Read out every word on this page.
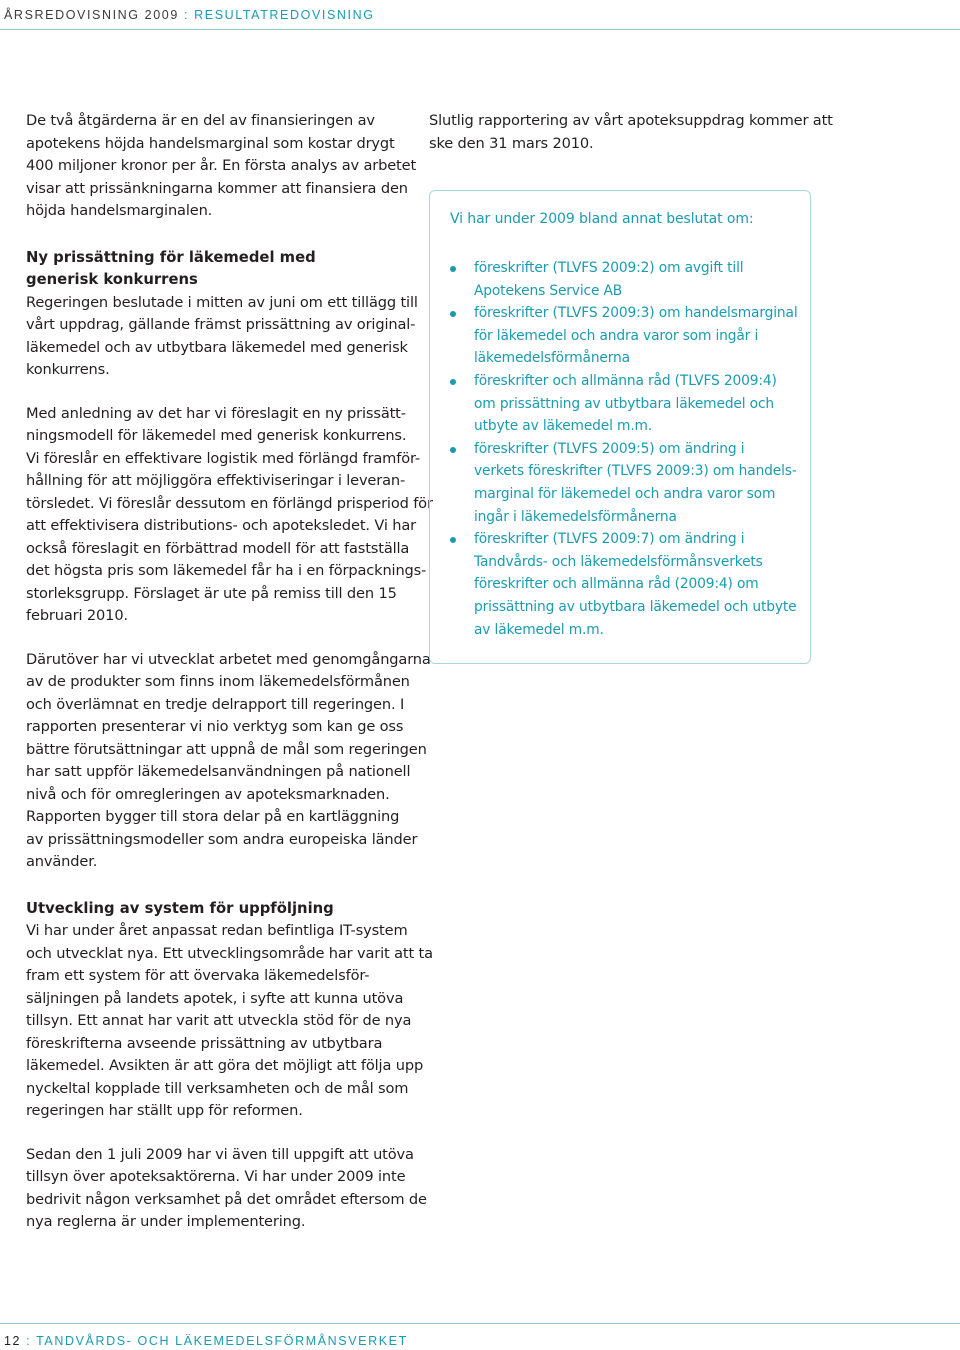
ÅRSREDOVISNING 2009 : RESULTATREDOVISNING

De två åtgärderna är en del av finansieringen av
apotekens höjda handelsmarginal som kostar drygt
400 miljoner kronor per år. En första analys av arbetet
visar att prissänkningarna kommer att finansiera den
höjda handelsmarginalen.

Ny prissättning för läkemedel med
generisk konkurrens

Regeringen beslutade i mitten av juni om ett tillägg till
vårt uppdrag, gällande främst prissättning av original-
läkemedel och av utbytbara läkemedel med generisk
konkurrens.

Med anledning av det har vi föreslagit en ny prissätt-
ningsmodell för läkemedel med generisk konkurrens.
Vi föreslår en effektivare logistik med förlängd framför-
hållning för att möjliggöra effektiviseringar i leveran-
törsledet. Vi föreslår dessutom en förlängd prisperiod för
att effektivisera distributions- och apoteksledet. Vi har
också föreslagit en förbättrad modell för att fastställa
det högsta pris som läkemedel får ha i en förpacknings-
storleksgrupp. Förslaget är ute på remiss till den 15
februari 2010.

Därutöver har vi utvecklat arbetet med genomgångarna
av de produkter som finns inom läkemedelsförmånen
och överlämnat en tredje delrapport till regeringen. I
rapporten presenterar vi nio verktyg som kan ge oss
bättre förutsättningar att uppnå de mål som regeringen
har satt uppför läkemedelsanvändningen på nationell
nivå och för omregleringen av apoteksmarknaden.
Rapporten bygger till stora delar på en kartläggning
av prissättningsmodeller som andra europeiska länder
använder.

Utveckling av system för uppföljning

Vi har under året anpassat redan befintliga IT-system
och utvecklat nya. Ett utvecklingsområde har varit att ta
fram ett system för att övervaka läkemedelsför-
säljningen på landets apotek, i syfte att kunna utöva
tillsyn. Ett annat har varit att utveckla stöd för de nya
föreskrifterna avseende prissättning av utbytbara
läkemedel. Avsikten är att göra det möjligt att följa upp
nyckeltal kopplade till verksamheten och de mål som
regeringen har ställt upp för reformen.

Sedan den 1 juli 2009 har vi även till uppgift att utöva
tillsyn över apoteksaktörerna. Vi har under 2009 inte
bedrivit någon verksamhet på det området eftersom de
nya reglerna är under implementering.

Slutlig rapportering av vårt apoteksuppdrag kommer att
ske den 31 mars 2010.

Vi har under 2009 bland annat beslutat om:
föreskrifter (TLVFS 2009:2) om avgift till
Apotekens Service AB
föreskrifter (TLVFS 2009:3) om handelsmarginal
för läkemedel och andra varor som ingår i
läkemedelsförmånerna
föreskrifter och allmänna råd (TLVFS 2009:4)
om prissättning av utbytbara läkemedel och
utbyte av läkemedel m.m.
föreskrifter (TLVFS 2009:5) om ändring i
verkets föreskrifter (TLVFS 2009:3) om handels-
marginal för läkemedel och andra varor som
ingår i läkemedelsförmånerna
föreskrifter (TLVFS 2009:7) om ändring i
Tandvårds- och läkemedelsförmånsverkets
föreskrifter och allmänna råd (2009:4) om
prissättning av utbytbara läkemedel och utbyte
av läkemedel m.m.
12 : TANDVÅRDS- OCH LÄKEMEDELSFÖRMÅNSVERKET
